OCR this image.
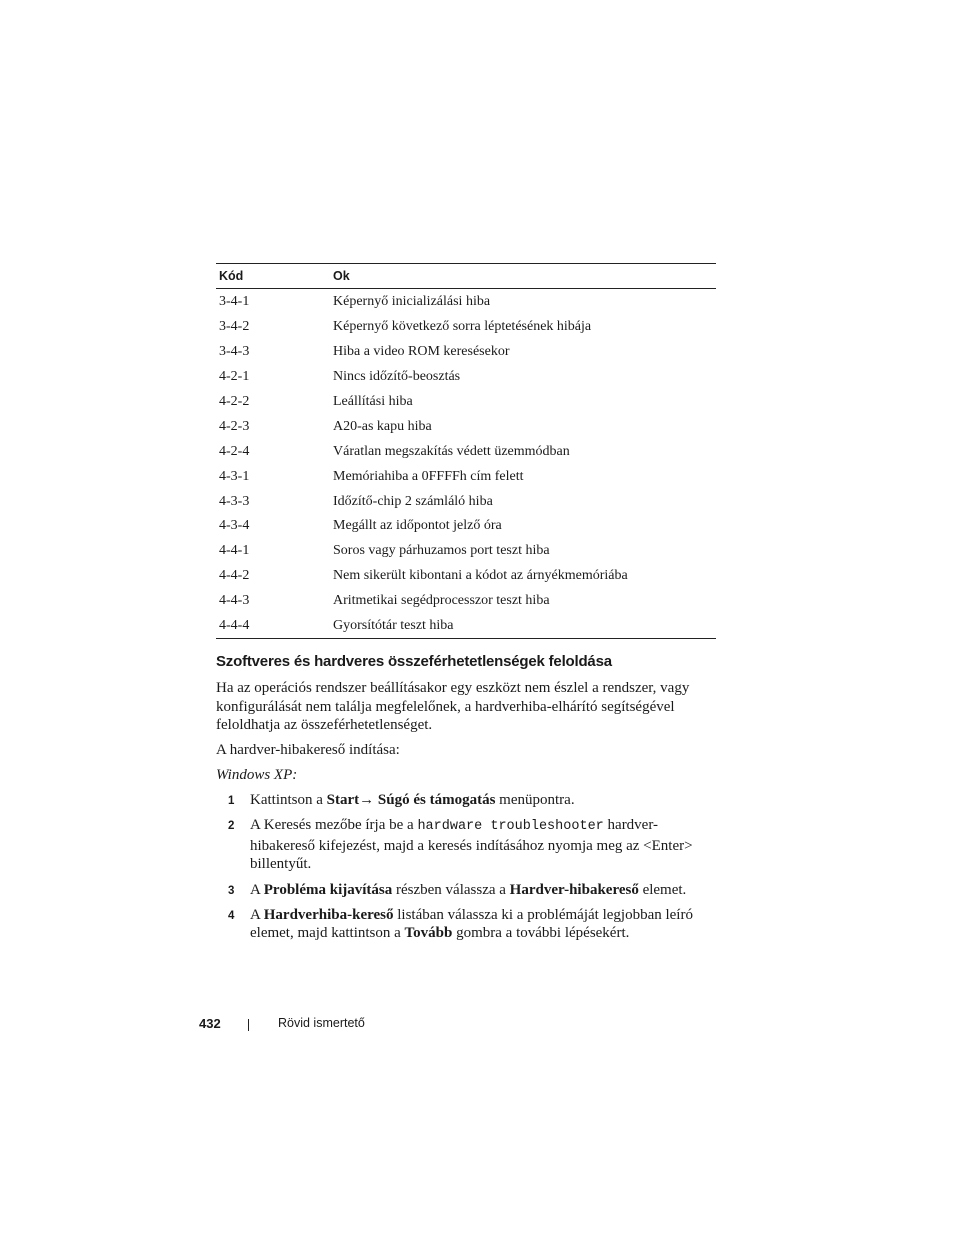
Kód	Ok
3-4-1	Képernyő inicializálási hiba
3-4-2	Képernyő következő sorra léptetésének hibája
3-4-3	Hiba a video ROM keresésekor
4-2-1	Nincs időzítő-beosztás
4-2-2	Leállítási hiba
4-2-3	A20-as kapu hiba
4-2-4	Váratlan megszakítás védett üzemmódban
4-3-1	Memóriahiba a 0FFFFh cím felett
4-3-3	Időzítő-chip 2 számláló hiba
4-3-4	Megállt az időpontot jelző óra
4-4-1	Soros vagy párhuzamos port teszt hiba
4-4-2	Nem sikerült kibontani a kódot az árnyékmemóriába
4-4-3	Aritmetikai segédprocesszor teszt hiba
4-4-4	Gyorsítótár teszt hiba
Szoftveres és hardveres összeférhetetlenségek feloldása

Ha az operációs rendszer beállításakor egy eszközt nem észlel a rendszer, vagy konfigurálását nem találja megfelelőnek, a hardverhiba-elhárító segítségével feloldhatja az összeférhetetlenséget.

A hardver-hibakereső indítása:

Windows XP:

1 Kattintson a Start→ Súgó és támogatás menüpontra.
2 A Keresés mezőbe írja be a hardware troubleshooter hardver-hibakereső kifejezést, majd a keresés indításához nyomja meg az <Enter> billentyűt.
3 A Probléma kijavítása részben válassza a Hardver-hibakereső elemet.
4 A Hardverhiba-kereső listában válassza ki a problémáját legjobban leíró elemet, majd kattintson a Tovább gombra a további lépésekért.
432	Rövid ismertető
